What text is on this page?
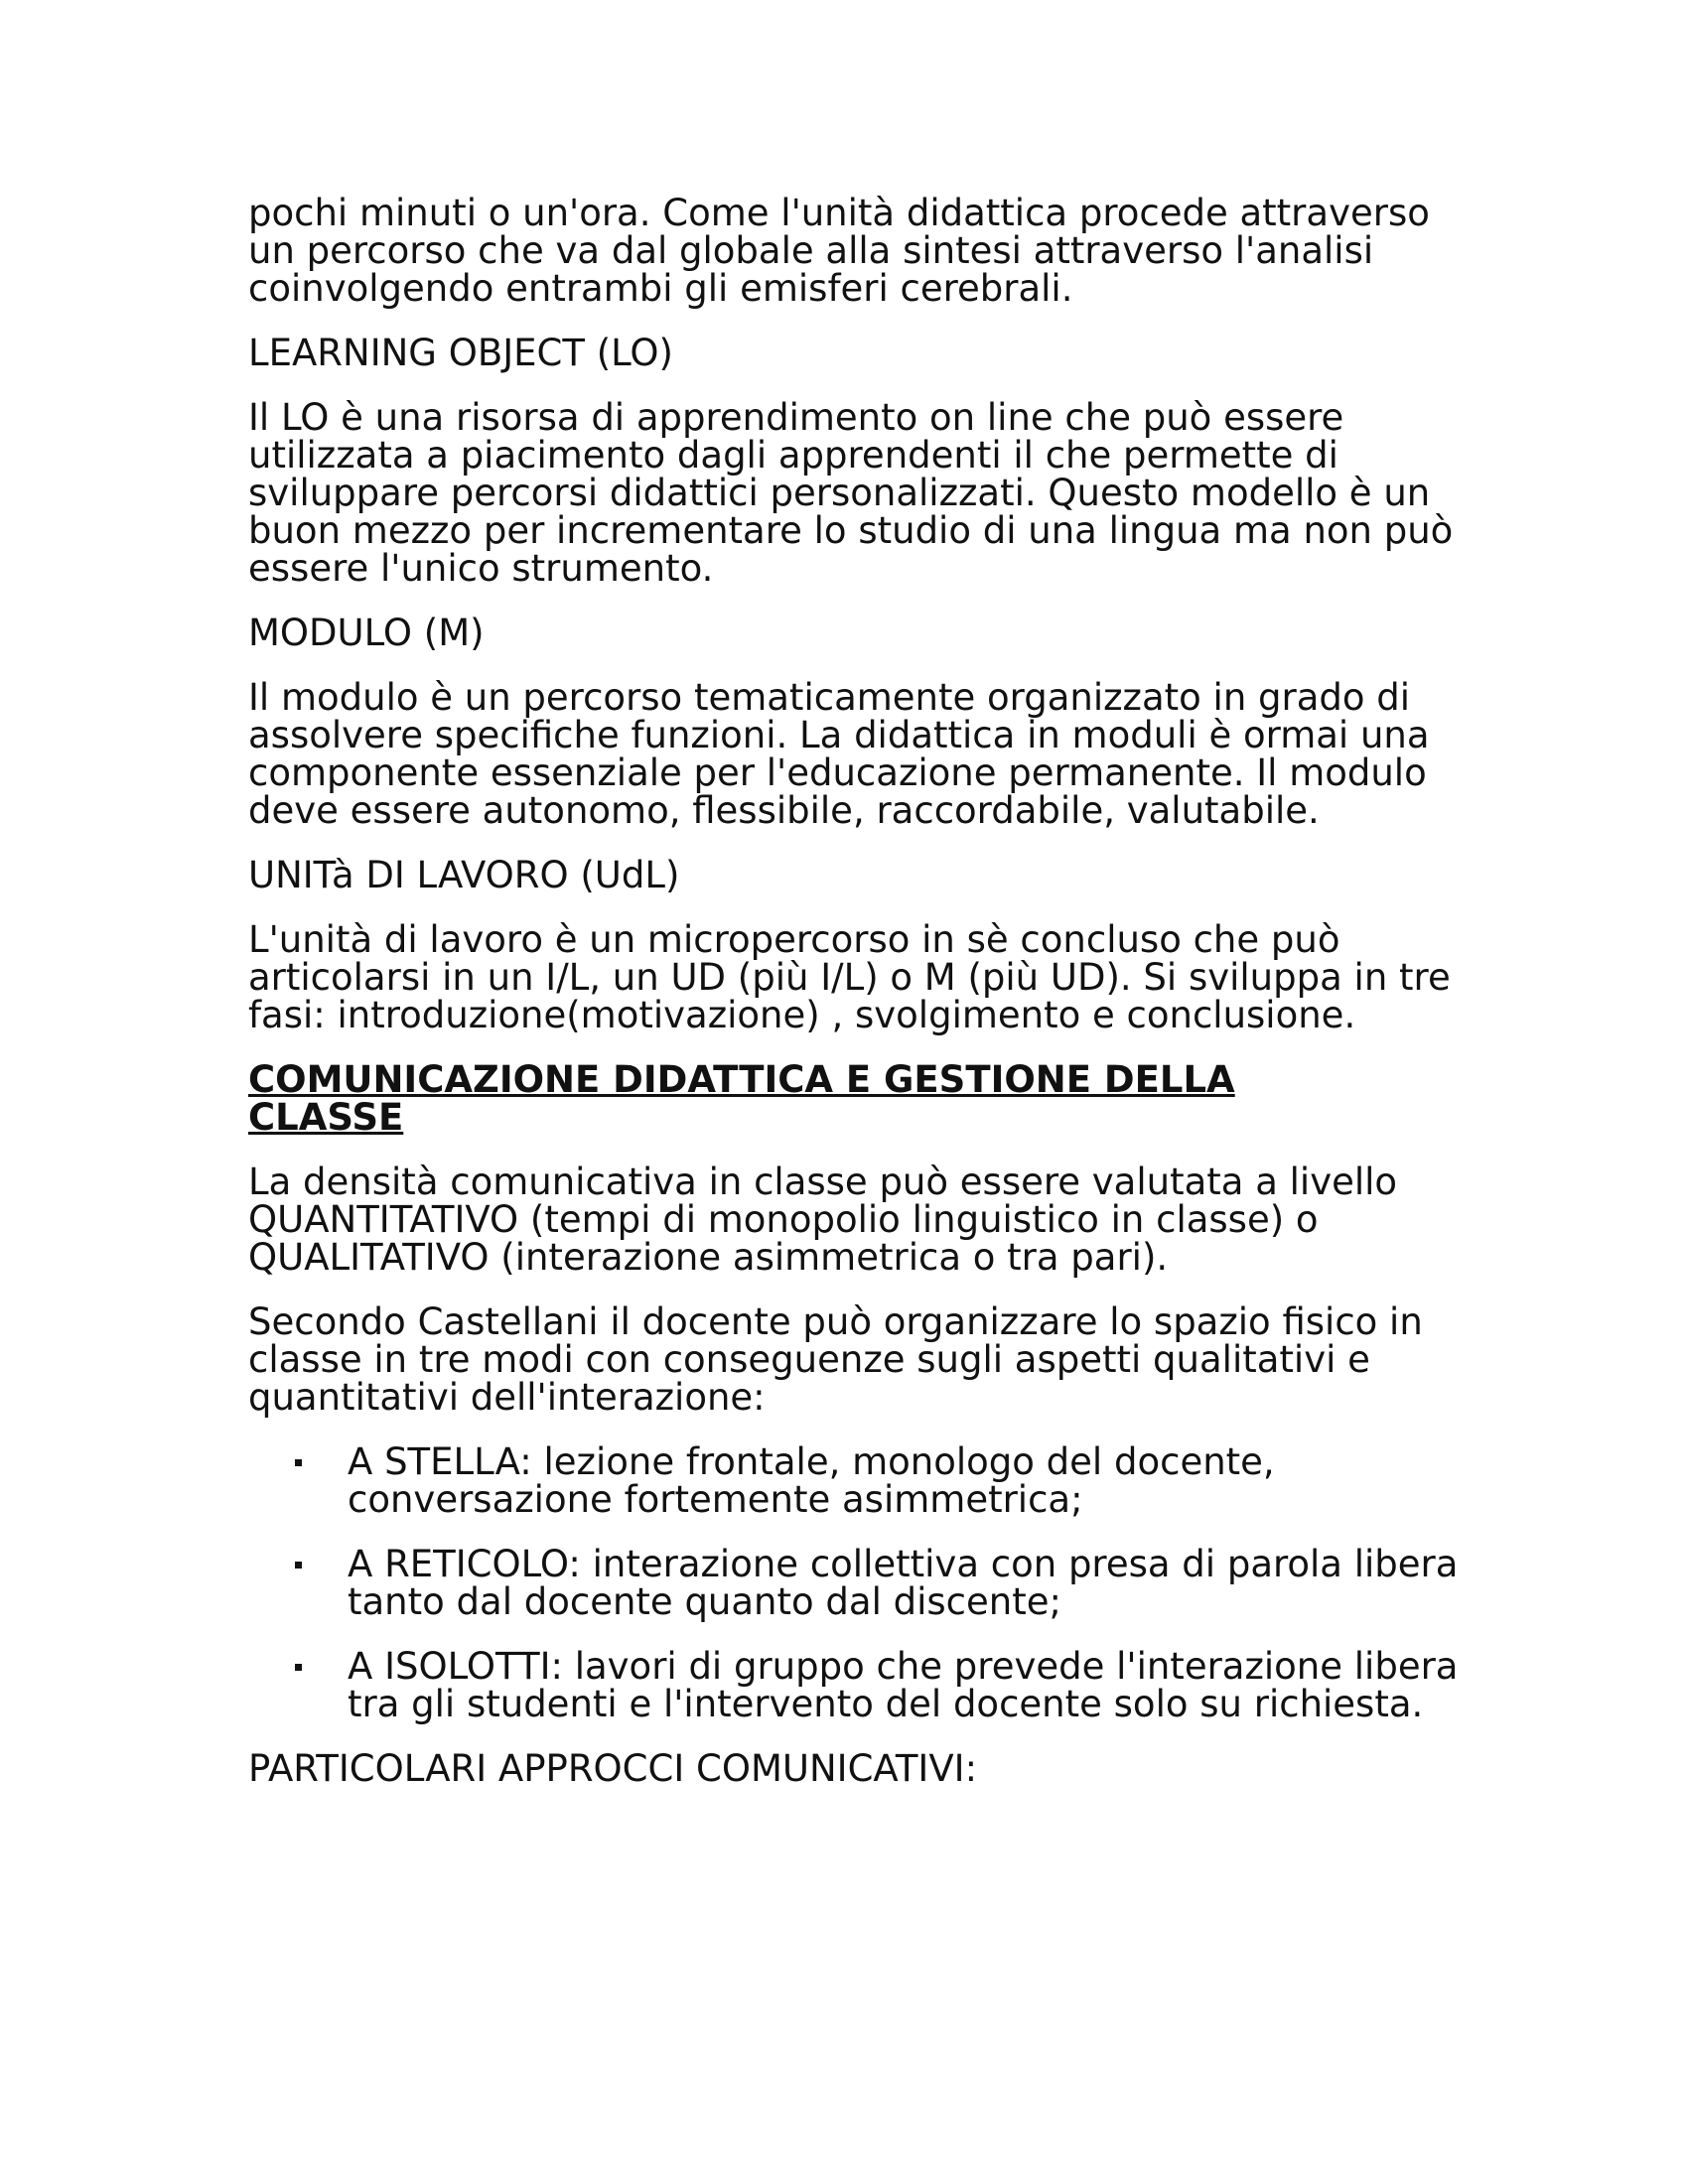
pochi minuti o un'ora. Come l'unità didattica procede attraverso un percorso che va dal globale alla sintesi attraverso l'analisi coinvolgendo entrambi gli emisferi cerebrali.

LEARNING OBJECT (LO)

Il LO è una risorsa di apprendimento on line che può essere utilizzata a piacimento dagli apprendenti il che permette di sviluppare percorsi didattici personalizzati. Questo modello è un buon mezzo per incrementare lo studio di una lingua ma non può essere l'unico strumento.

MODULO (M)

Il modulo è un percorso tematicamente organizzato in grado di assolvere specifiche funzioni. La didattica in moduli è ormai una componente essenziale per l'educazione permanente. Il modulo deve essere autonomo, flessibile, raccordabile, valutabile.

UNITà DI LAVORO (UdL)

L'unità di lavoro è un micropercorso in sè concluso che può articolarsi in un I/L, un UD (più I/L) o M (più UD). Si sviluppa in tre fasi: introduzione(motivazione) , svolgimento e conclusione.

COMUNICAZIONE DIDATTICA E GESTIONE DELLA CLASSE

La densità comunicativa in classe può essere valutata a livello QUANTITATIVO (tempi di monopolio linguistico in classe) o QUALITATIVO (interazione asimmetrica o tra pari).

Secondo Castellani il docente può organizzare lo spazio fisico in classe in tre modi con conseguenze sugli aspetti qualitativi e quantitativi dell'interazione:

A STELLA: lezione frontale, monologo del docente, conversazione fortemente asimmetrica;
A RETICOLO: interazione collettiva con presa di parola libera tanto dal docente quanto dal discente;
A ISOLOTTI: lavori di gruppo che prevede l'interazione libera tra gli studenti e l'intervento del docente solo su richiesta.

PARTICOLARI APPROCCI COMUNICATIVI:
